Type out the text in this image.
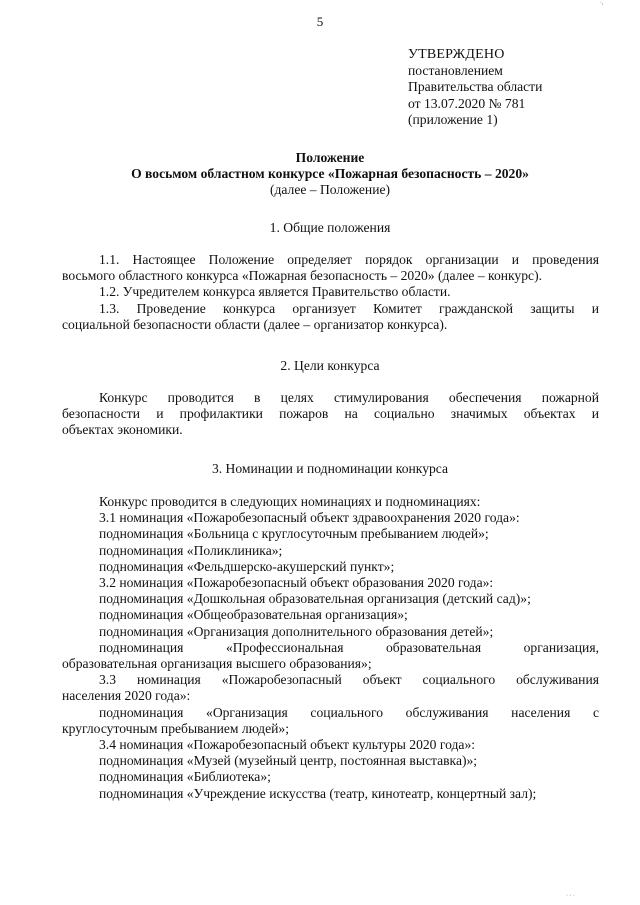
5
·,
УТВЕРЖДЕНО
постановлением
Правительства области
от 13.07.2020 № 781
(приложение 1)
Положение
О восьмом областном конкурсе «Пожарная безопасность – 2020»
(далее – Положение)
1. Общие положения
1.1. Настоящее Положение определяет порядок организации и проведения
восьмого областного конкурса «Пожарная безопасность – 2020» (далее – конкурс).
1.2. Учредителем конкурса является Правительство области.
1.3. Проведение конкурса организует Комитет гражданской защиты и
социальной безопасности области (далее – организатор конкурса).
2. Цели конкурса
Конкурс проводится в целях стимулирования обеспечения пожарной
безопасности и профилактики пожаров на социально значимых объектах и
объектах экономики.
3. Номинации и подноминации конкурса
Конкурс проводится в следующих номинациях и подноминациях:
3.1 номинация «Пожаробезопасный объект здравоохранения 2020 года»:
подноминация «Больница с круглосуточным пребыванием людей»;
подноминация «Поликлиника»;
подноминация «Фельдшерско-акушерский пункт»;
3.2 номинация «Пожаробезопасный объект образования 2020 года»:
подноминация «Дошкольная образовательная организация (детский сад)»;
подноминация «Общеобразовательная организация»;
подноминация «Организация дополнительного образования детей»;
подноминация «Профессиональная образовательная организация,
образовательная организация высшего образования»;
3.3 номинация «Пожаробезопасный объект социального обслуживания
населения 2020 года»:
подноминация «Организация социального обслуживания населения с
круглосуточным пребыванием людей»;
3.4 номинация «Пожаробезопасный объект культуры 2020 года»:
подноминация «Музей (музейный центр, постоянная выставка)»;
подноминация «Библиотека»;
подноминация «Учреждение искусства (театр, кинотеатр, концертный зал);
· · ·
